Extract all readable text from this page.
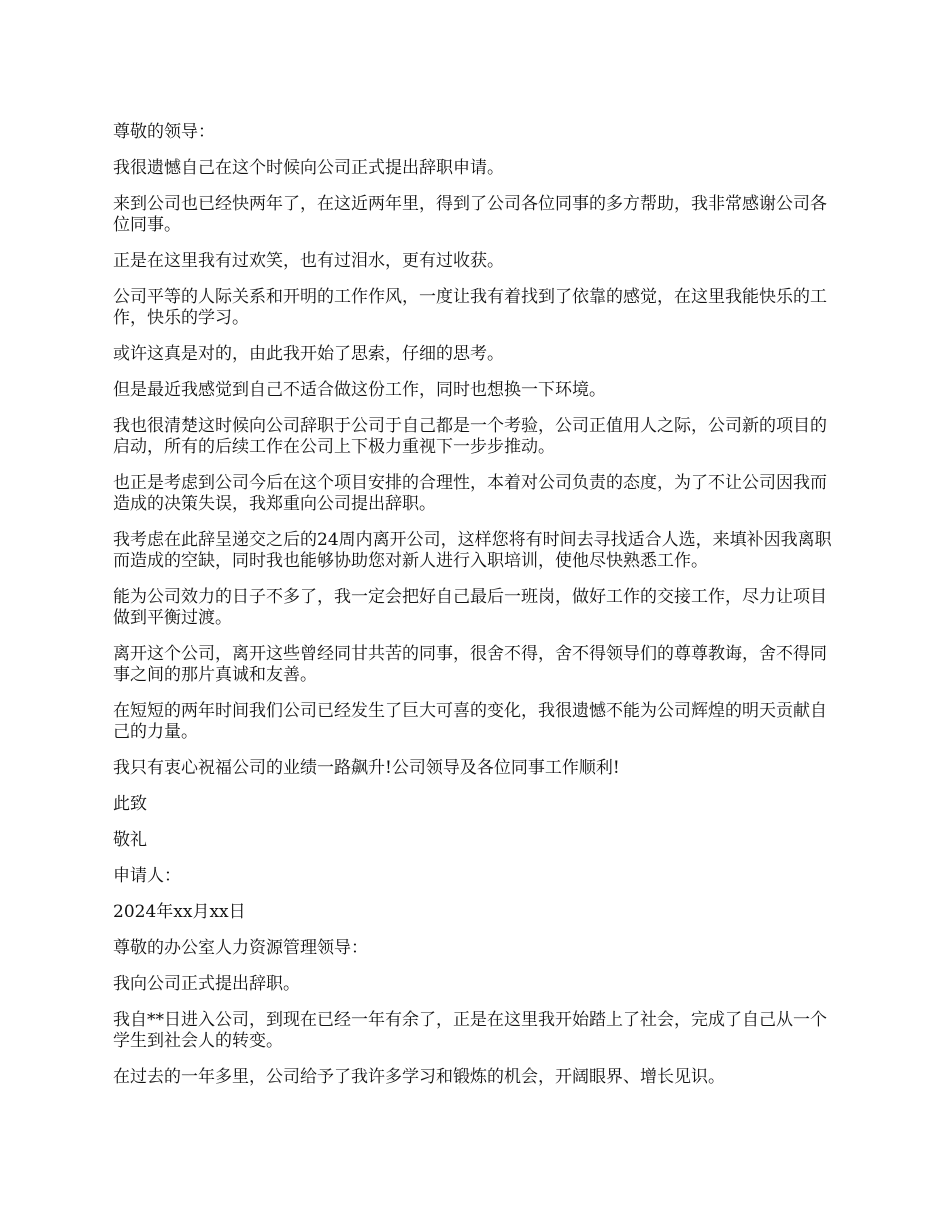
尊敬的领导：

我很遗憾自己在这个时候向公司正式提出辞职申请。

来到公司也已经快两年了，在这近两年里，得到了公司各位同事的多方帮助，我非常感谢公司各位同事。

正是在这里我有过欢笑，也有过泪水，更有过收获。

公司平等的人际关系和开明的工作作风，一度让我有着找到了依靠的感觉，在这里我能快乐的工作，快乐的学习。

或许这真是对的，由此我开始了思索，仔细的思考。

但是最近我感觉到自己不适合做这份工作，同时也想换一下环境。

我也很清楚这时候向公司辞职于公司于自己都是一个考验，公司正值用人之际，公司新的项目的启动，所有的后续工作在公司上下极力重视下一步步推动。

也正是考虑到公司今后在这个项目安排的合理性，本着对公司负责的态度，为了不让公司因我而造成的决策失误，我郑重向公司提出辞职。

我考虑在此辞呈递交之后的24周内离开公司，这样您将有时间去寻找适合人选，来填补因我离职而造成的空缺，同时我也能够协助您对新人进行入职培训，使他尽快熟悉工作。

能为公司效力的日子不多了，我一定会把好自己最后一班岗，做好工作的交接工作，尽力让项目做到平衡过渡。

离开这个公司，离开这些曾经同甘共苦的同事，很舍不得，舍不得领导们的尊尊教诲，舍不得同事之间的那片真诚和友善。

在短短的两年时间我们公司已经发生了巨大可喜的变化，我很遗憾不能为公司辉煌的明天贡献自己的力量。

我只有衷心祝福公司的业绩一路飙升!公司领导及各位同事工作顺利!

此致

敬礼

申请人：

2024年xx月xx日

尊敬的办公室人力资源管理领导：

我向公司正式提出辞职。

我自**日进入公司，到现在已经一年有余了，正是在这里我开始踏上了社会，完成了自己从一个学生到社会人的转变。

在过去的一年多里，公司给予了我许多学习和锻炼的机会，开阔眼界、增长见识。
